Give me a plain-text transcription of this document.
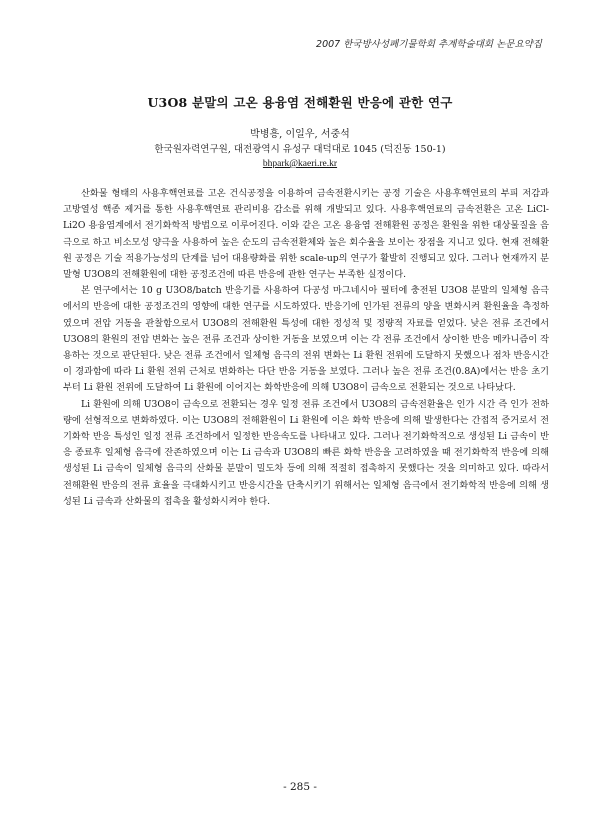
2007 한국방사성폐기물학회 추계학술대회 논문요약집
U3O8 분말의 고온 용융염 전해환원 반응에 관한 연구
박병흥, 이일우, 서중석
한국원자력연구원, 대전광역시 유성구 대덕대로 1045 (덕진동 150-1)
bhpark@kaeri.re.kr

산화물 형태의 사용후핵연료를 고온 건식공정을 이용하여 금속전환시키는 공정 기술은 사용후핵연료의 부피 저감과 고방열성 핵종 제거를 통한 사용후핵연료 관리비용 감소를 위해 개발되고 있다. 사용후핵연료의 금속전환은 고온 LiCl-Li2O 용융염계에서 전기화학적 방법으로 이루어진다. 이와 같은 고온 용융염 전해환원 공정은 환원을 위한 대상물질을 음극으로 하고 비소모성 양극을 사용하여 높은 순도의 금속전환체와 높은 회수율을 보이는 장점을 지니고 있다. 현재 전해환원 공정은 기술 적용가능성의 단계를 넘어 대용량화를 위한 scale-up의 연구가 활발히 진행되고 있다. 그러나 현재까지 분말형 U3O8의 전해환원에 대한 공정조건에 따른 반응에 관한 연구는 부족한 실정이다.

본 연구에서는 10 g U3O8/batch 반응기를 사용하여 다공성 마그네시아 필터에 충전된 U3O8 분말의 일체형 음극에서의 반응에 대한 공정조건의 영향에 대한 연구를 시도하였다. 반응기에 인가된 전류의 양을 변화시켜 환원율을 측정하였으며 전압 거동을 관찰함으로서 U3O8의 전해환원 특성에 대한 정성적 및 정량적 자료를 얻었다. 낮은 전류 조건에서 U3O8의 환원의 전압 변화는 높은 전류 조건과 상이한 거동을 보였으며 이는 각 전류 조건에서 상이한 반응 메카니즘이 작용하는 것으로 판단된다. 낮은 전류 조건에서 일체형 음극의 전위 변화는 Li 환원 전위에 도달하지 못했으나 점차 반응시간이 경과함에 따라 Li 환원 전위 근처로 변화하는 다단 반응 거동을 보였다. 그러나 높은 전류 조건(0.8A)에서는 반응 초기부터 Li 환원 전위에 도달하여 Li 환원에 이어지는 화학반응에 의해 U3O8이 금속으로 전환되는 것으로 나타났다.

Li 환원에 의해 U3O8이 금속으로 전환되는 경우 일정 전류 조건에서 U3O8의 금속전환율은 인가 시간 즉 인가 전하량에 선형적으로 변화하였다. 이는 U3O8의 전해환원이 Li 환원에 이은 화학 반응에 의해 발생한다는 간접적 증거로서 전기화학 반응 특성인 일정 전류 조건하에서 일정한 반응속도를 나타내고 있다. 그러나 전기화학적으로 생성된 Li 금속이 반응 종료후 일체형 음극에 잔존하였으며 이는 Li 금속과 U3O8의 빠른 화학 반응을 고려하였을 때 전기화학적 반응에 의해 생성된 Li 금속이 일체형 음극의 산화물 분말이 밀도차 등에 의해 적절히 접촉하지 못했다는 것을 의미하고 있다. 따라서 전해환원 반응의 전류 효율을 극대화시키고 반응시간을 단축시키기 위해서는 일체형 음극에서 전기화학적 반응에 의해 생성된 Li 금속과 산화물의 접촉을 활성화시켜야 한다.

- 285 -
